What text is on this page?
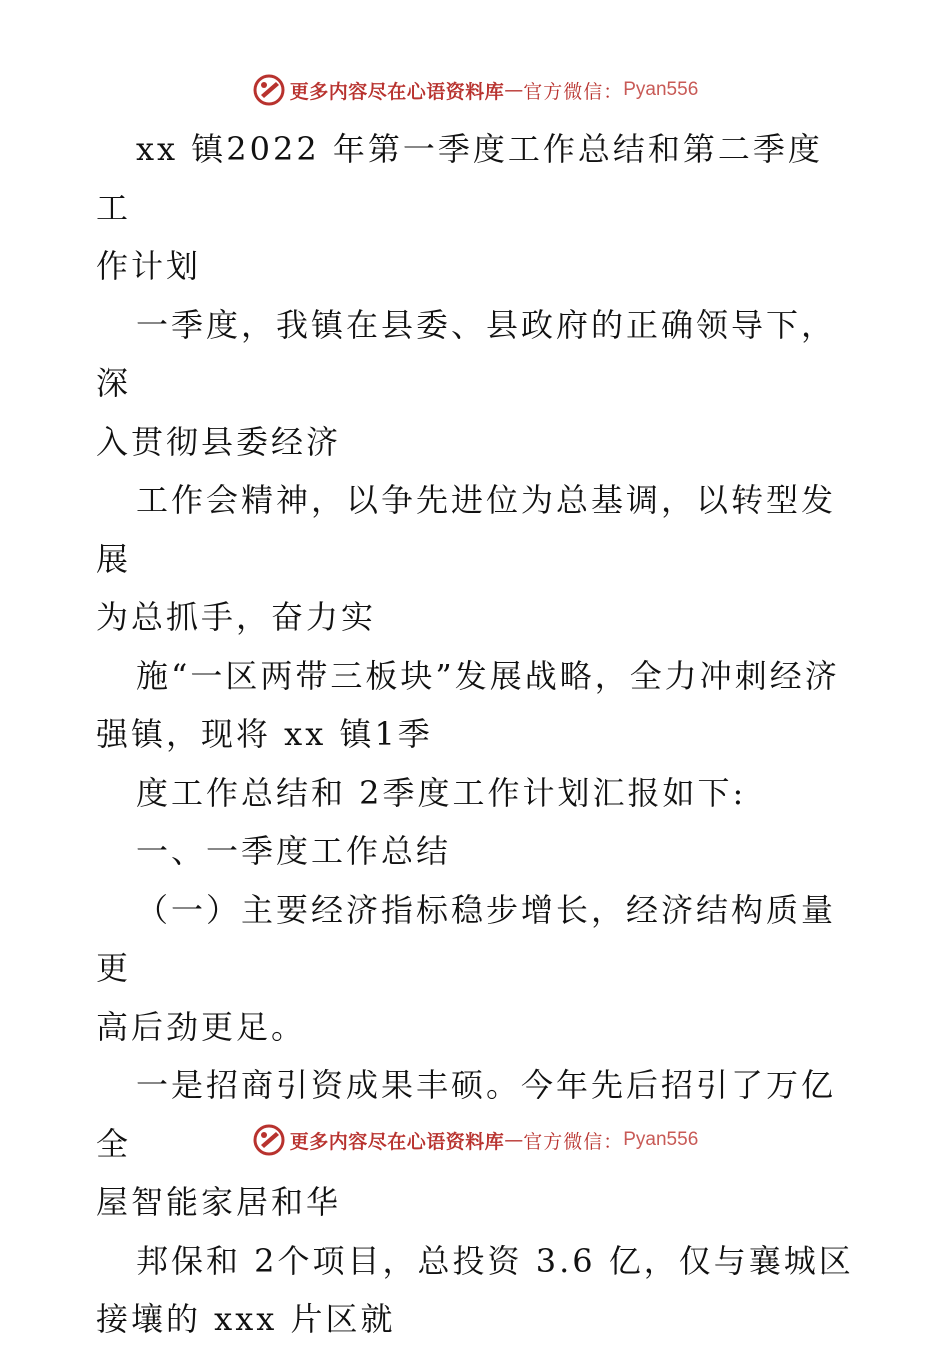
更多内容尽在心语资料库 — 官方微信： Pyan556

xx 镇2022 年第一季度工作总结和第二季度工
作计划

一季度，我镇在县委、县政府的正确领导下，深
入贯彻县委经济

工作会精神，以争先进位为总基调，以转型发展
为总抓手，奋力实

施“一区两带三板块”发展战略，全力冲刺经济
强镇，现将 xx 镇1季

度工作总结和 2季度工作计划汇报如下:

一、一季度工作总结

（一）主要经济指标稳步增长，经济结构质量更
高后劲更足。

一是招商引资成果丰硕。今年先后招引了万亿全
屋智能家居和华

邦保和 2个项目，总投资 3.6 亿，仅与襄城区
接壤的 xxx 片区就

更多内容尽在心语资料库 — 官方微信： Pyan556
